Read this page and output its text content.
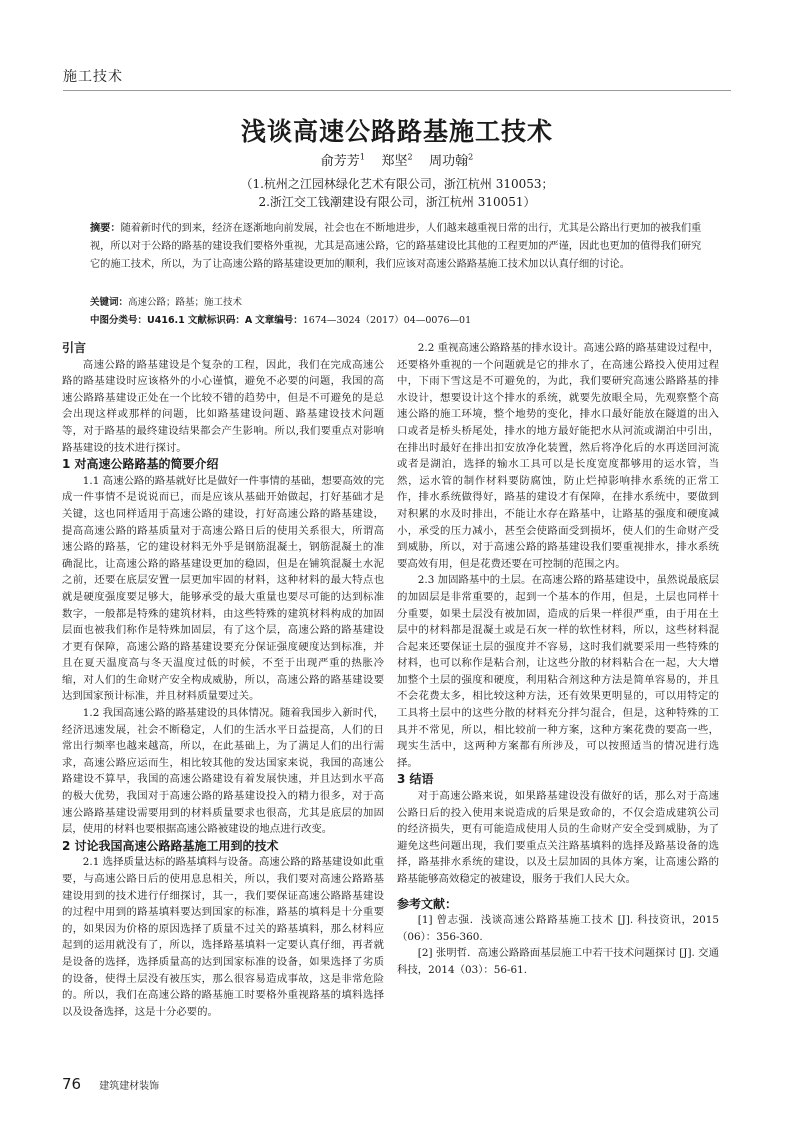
施工技术
浅谈高速公路路基施工技术
俞芳芳$^1$ 郑坚$^2$ 周功翰$^2$
（1.杭州之江园林绿化艺术有限公司，浙江杭州 310053；
2.浙江交工钱潮建设有限公司，浙江杭州 310051）
摘要：随着新时代的到来，经济在逐渐地向前发展，社会也在不断地进步，人们越来越重视日常的出行，尤其是公路出行更加的被我们重视，所以对于公路的路基的建设我们要格外重视，尤其是高速公路，它的路基建设比其他的工程更加的严谨，因此也更加的值得我们研究它的施工技术，所以，为了让高速公路的路基建设更加的顺利，我们应该对高速公路路基施工技术加以认真仔细的讨论。
关键词：高速公路；路基；施工技术
中图分类号：U416.1 文献标识码：A 文章编号：1674—3024（2017）04—0076—01

引言

高速公路的路基建设是个复杂的工程，因此，我们在完成高速公路的路基建设时应该格外的小心谨慎，避免不必要的问题，我国的高速公路路基建设正处在一个比较不错的趋势中，但是不可避免的是总会出现这样或那样的问题，比如路基建设问题、路基建设技术问题等，对于路基的最终建设结果都会产生影响。所以,我们要重点对影响路基建设的技术进行探讨。

1 对高速公路路基的简要介绍

1.1 高速公路的路基就好比是做好一件事情的基础，想要高效的完成一件事情不是说说而已，而是应该从基础开始做起，打好基础才是关键，这也同样适用于高速公路的建设，打好高速公路的路基建设，提高高速公路的路基质量对于高速公路日后的使用关系很大，所谓高速公路的路基，它的建设材料无外乎是钢筋混凝土，钢筋混凝土的准确混比，让高速公路的路基建设更加的稳固，但是在铺筑混凝土水泥之前，还要在底层安置一层更加牢固的材料，这种材料的最大特点也就是硬度强度要足够大，能够承受的最大重量也要尽可能的达到标准数字，一般都是特殊的建筑材料，由这些特殊的建筑材料构成的加固层面也被我们称作是特殊加固层，有了这个层，高速公路的路基建设才更有保障，高速公路的路基建设要充分保证强度硬度达到标准，并且在夏天温度高与冬天温度过低的时候，不至于出现严重的热胀冷缩，对人们的生命财产安全构成威胁，所以，高速公路的路基建设要达到国家预计标准，并且材料质量要过关。

1.2 我国高速公路的路基建设的具体情况。随着我国步入新时代，经济迅速发展，社会不断稳定，人们的生活水平日益提高，人们的日常出行频率也越来越高，所以，在此基础上，为了满足人们的出行需求，高速公路应运而生，相比较其他的发达国家来说，我国的高速公路建设不算早，我国的高速公路建设有着发展快速，并且达到水平高的极大优势，我国对于高速公路的路基建设投入的精力很多，对于高速公路路基建设需要用到的材料质量要求也很高，尤其是底层的加固层，使用的材料也要根据高速公路被建设的地点进行改变。

2 讨论我国高速公路路基施工用到的技术

2.1 选择质量达标的路基填料与设备。高速公路的路基建设如此重要，与高速公路日后的使用息息相关，所以，我们要对高速公路路基建设用到的技术进行仔细探讨，其一，我们要保证高速公路路基建设的过程中用到的路基填料要达到国家的标准，路基的填料是十分重要的，如果因为价格的原因选择了质量不过关的路基填料，那么材料应起到的运用就没有了，所以，选择路基填料一定要认真仔细，再者就是设备的选择，选择质量高的达到国家标准的设备，如果选择了劣质的设备，使得土层没有被压实，那么很容易造成事故，这是非常危险的。所以，我们在高速公路的路基施工时要格外重视路基的填料选择以及设备选择，这是十分必要的。

2.2 重视高速公路路基的排水设计。高速公路的路基建设过程中，还要格外重视的一个问题就是它的排水了，在高速公路投入使用过程中，下雨下雪这是不可避免的，为此，我们要研究高速公路路基的排水设计，想要设计这个排水的系统，就要先放眼全局，先观察整个高速公路的施工环境，整个地势的变化，排水口最好能放在隧道的出入口或者是桥头桥尾处，排水的地方最好能把水从河流或湖泊中引出，在排出时最好在排出扣安放净化装置，然后将净化后的水再送回河流或者是湖泊，选择的输水工具可以是长度宽度都够用的运水管，当然，运水管的制作材料要防腐蚀，防止烂掉影响排水系统的正常工作，排水系统做得好，路基的建设才有保障，在排水系统中，要做到对积累的水及时排出，不能让水存在路基中，让路基的强度和硬度减小，承受的压力减小，甚至会使路面受到损坏，使人们的生命财产受到威胁，所以，对于高速公路的路基建设我们要重视排水，排水系统要高效有用，但是花费还要在可控制的范围之内。

2.3 加固路基中的土层。在高速公路的路基建设中，虽然说最底层的加固层是非常重要的，起到一个基本的作用，但是，土层也同样十分重要，如果土层没有被加固，造成的后果一样很严重，由于用在土层中的材料都是混凝土或是石灰一样的软性材料，所以，这些材料混合起来还要保证土层的强度并不容易，这时我们就要采用一些特殊的材料，也可以称作是粘合剂，让这些分散的材料粘合在一起，大大增加整个土层的强度和硬度，利用粘合剂这种方法是简单容易的，并且不会花费太多，相比较这种方法，还有效果更明显的，可以用特定的工具将土层中的这些分散的材料充分拌匀混合，但是，这种特殊的工具并不常见，所以，相比较前一种方案，这种方案花费的要高一些，现实生活中，这两种方案都有所涉及，可以按照适当的情况进行选择。

3 结语

对于高速公路来说，如果路基建设没有做好的话，那么对于高速公路日后的投入使用来说造成的后果是致命的，不仅会造成建筑公司的经济损失，更有可能造成使用人员的生命财产安全受到威胁，为了避免这些问题出现，我们要重点关注路基填料的选择及路基设备的选择，路基排水系统的建设，以及土层加固的具体方案，让高速公路的路基能够高效稳定的被建设，服务于我们人民大众。

参考文献：

[1] 曾志强．浅谈高速公路路基施工技术 [J]. 科技资讯，2015（06）：356-360.

[2] 张明哲．高速公路路面基层施工中若干技术问题探讨 [J]. 交通科技，2014（03）：56-61.

76 建筑建材装饰
